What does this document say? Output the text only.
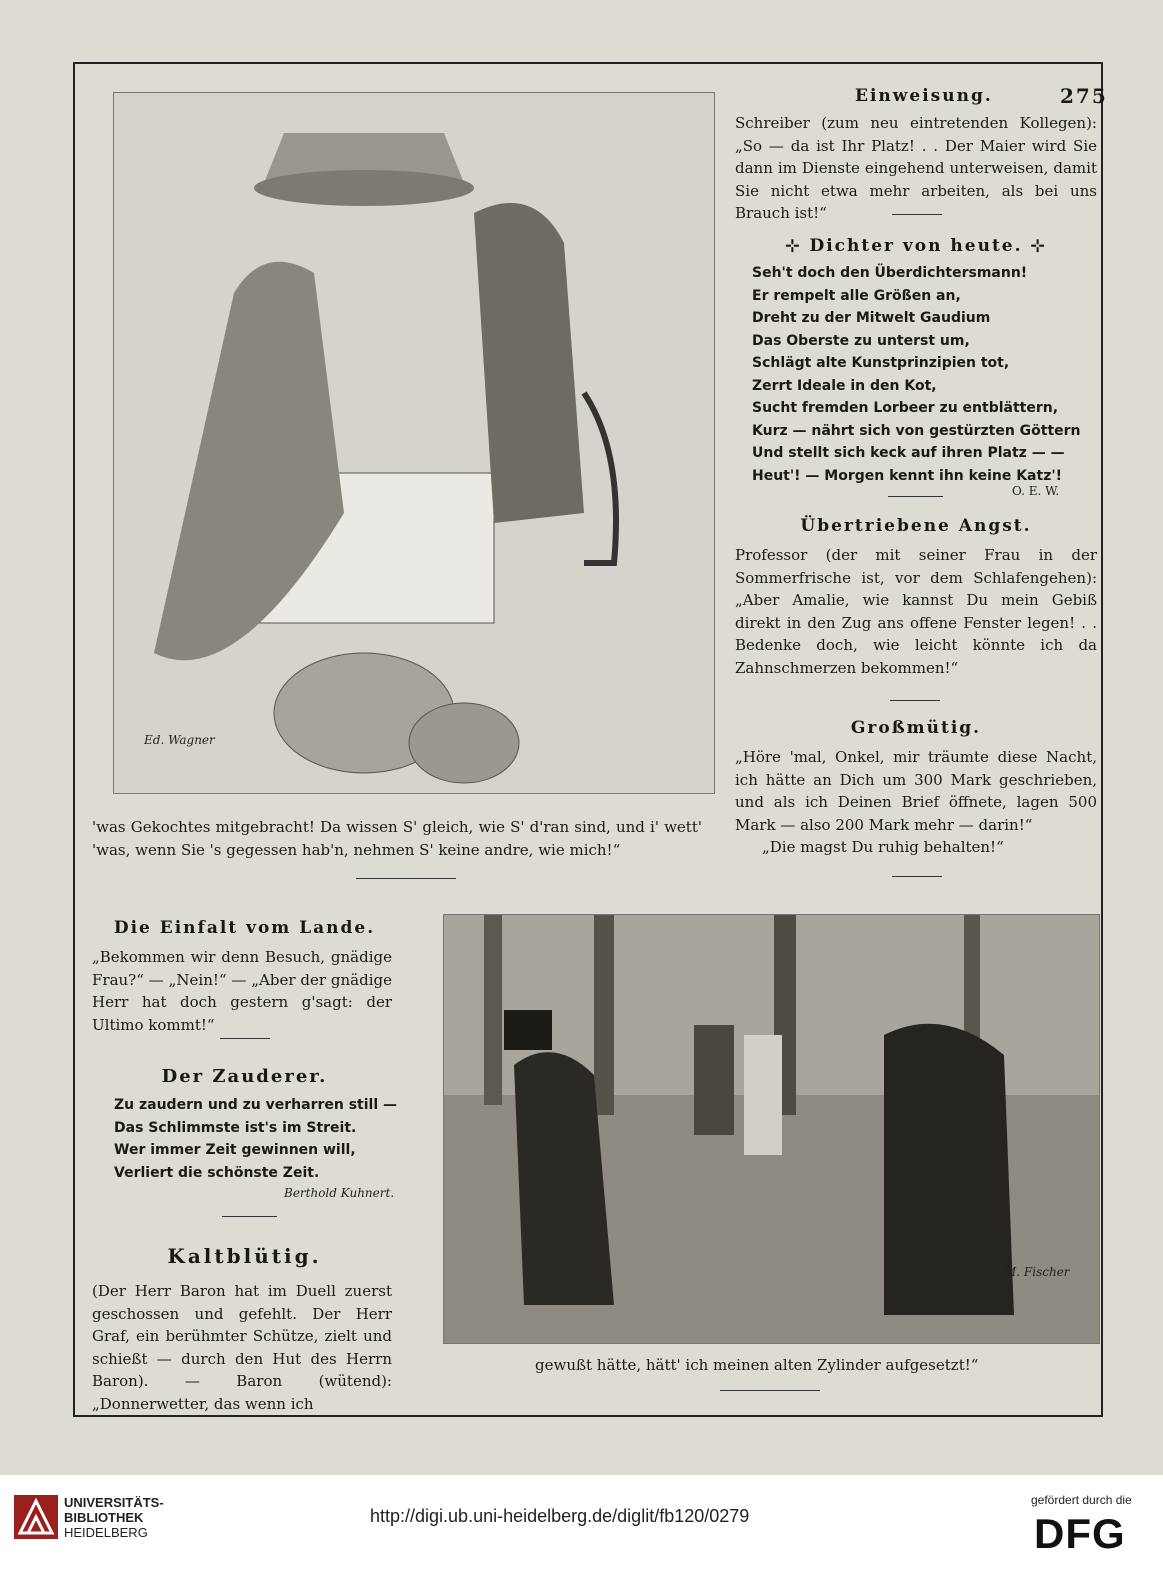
Ed. Wagner
Einweisung.	275
Schreiber (zum neu eintretenden Kollegen): „So — da ist Ihr Platz! . . Der Maier wird Sie dann im Dienste eingehend unterweisen, damit Sie nicht etwa mehr arbeiten, als bei uns Brauch ist!“
⊹ Dichter von heute. ⊹
Seh't doch den Überdichtersmann!
Er rempelt alle Größen an,
Dreht zu der Mitwelt Gaudium
Das Oberste zu unterst um,
Schlägt alte Kunstprinzipien tot,
Zerrt Ideale in den Kot,
Sucht fremden Lorbeer zu entblättern,
Kurz — nährt sich von gestürzten Göttern
Und stellt sich keck auf ihren Platz — —
Heut'! — Morgen kennt ihn keine Katz'!
O. E. W.
Übertriebene Angst.
Professor (der mit seiner Frau in der Sommerfrische ist, vor dem Schlafengehen): „Aber Amalie, wie kannst Du mein Gebiß direkt in den Zug ans offene Fenster legen! . . Bedenke doch, wie leicht könnte ich da Zahnschmerzen bekommen!“
Großmütig.
„Höre 'mal, Onkel, mir träumte diese Nacht, ich hätte an Dich um 300 Mark geschrieben, und als ich Deinen Brief öffnete, lagen 500 Mark — also 200 Mark mehr — darin!“
„Die magst Du ruhig behalten!“
'was Gekochtes mitgebracht! Da wissen S' gleich, wie S' d'ran sind, und i' wett' 'was, wenn Sie 's gegessen hab'n, nehmen S' keine andre, wie mich!“
Die Einfalt vom Lande.
„Bekommen wir denn Besuch, gnädige Frau?“ — „Nein!“ — „Aber der gnädige Herr hat doch gestern g'sagt: der Ultimo kommt!“
Der Zauderer.
Zu zaudern und zu verharren still —
Das Schlimmste ist's im Streit.
Wer immer Zeit gewinnen will,
Verliert die schönste Zeit.
Berthold Kuhnert.
Kaltblütig.
(Der Herr Baron hat im Duell zuerst geschossen und gefehlt. Der Herr Graf, ein berühmter Schütze, zielt und schießt — durch den Hut des Herrn Baron). — Baron (wütend): „Donnerwetter, das wenn ich
M. Fischer
gewußt hätte, hätt' ich meinen alten Zylinder aufgesetzt!“
UNIVERSITÄTS-
BIBLIOTHEK
HEIDELBERG
http://digi.ub.uni-heidelberg.de/diglit/fb120/0279
gefördert durch die
DFG
